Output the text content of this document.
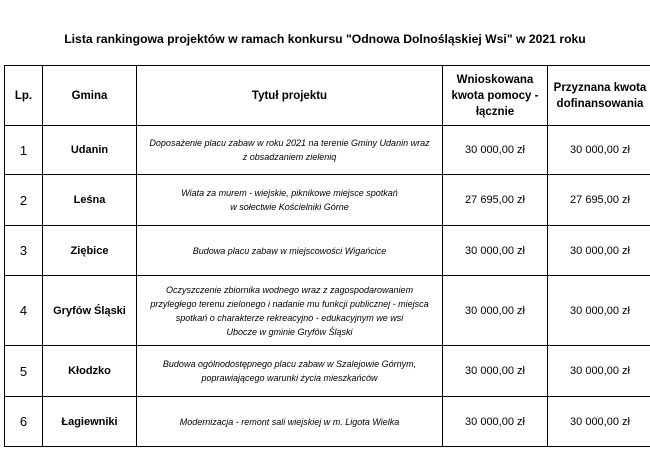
Lista rankingowa projektów w ramach konkursu "Odnowa Dolnośląskiej Wsi" w 2021 roku
Lp.	Gmina	Tytuł projektu	Wnioskowana kwota pomocy - łącznie	Przyznana kwota dofinansowania
1	Udanin	Doposażenie placu zabaw w roku 2021 na terenie Gminy Udanin wraz
z obsadzaniem zieleniq	30 000,00 zł	30 000,00 zł
2	Leśna	Wiata za murem - wiejskie, piknikowe miejsce spotkań
w sołectwie Kościelniki Górne	27 695,00 zł	27 695,00 zł
3	Ziębice	Budowa placu zabaw w miejscowości Wigańcice	30 000,00 zł	30 000,00 zł
4	Gryfów Śląski	Oczyszczenie zbiornika wodnego wraz z zagospodarowaniem
przyległego terenu zielonego i nadanie mu funkcji publicznej - miejsca
spotkań o charakterze rekreacyjno - edukacyjnym we wsi
Ubocze w gminie Gryfów Śląski	30 000,00 zł	30 000,00 zł
5	Kłodzko	Budowa ogólnodostępnego placu zabaw w Szalejowie Górnym,
poprawiającego warunki życia mieszkańców	30 000,00 zł	30 000,00 zł
6	Łagiewniki	Modernizacja - remont sali wiejskiej w m. Ligota Wielka	30 000,00 zł	30 000,00 zł
